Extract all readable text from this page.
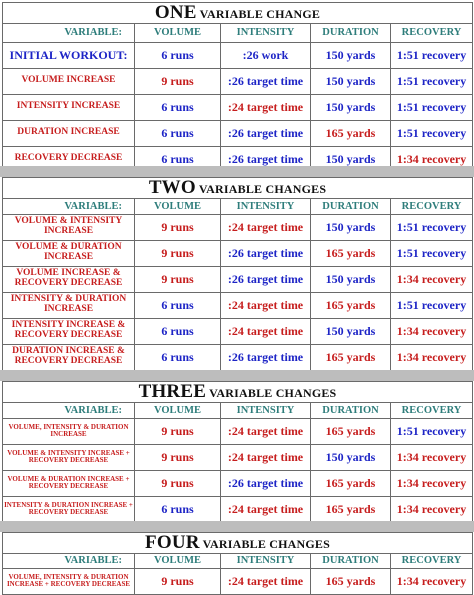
ONE VARIABLE CHANGE				
VARIABLE:	VOLUME	INTENSITY	DURATION	RECOVERY
INITIAL WORKOUT:	6 runs	:26 work	150 yards	1:51 recovery
VOLUME INCREASE	9 runs	:26 target time	150 yards	1:51 recovery
INTENSITY INCREASE	6 runs	:24 target time	150 yards	1:51 recovery
DURATION INCREASE	6 runs	:26 target time	165 yards	1:51 recovery
RECOVERY DECREASE	6 runs	:26 target time	150 yards	1:34 recovery
TWO VARIABLE CHANGES				
VARIABLE:	VOLUME	INTENSITY	DURATION	RECOVERY
VOLUME & INTENSITY INCREASE	9 runs	:24 target time	150 yards	1:51 recovery
VOLUME & DURATION INCREASE	9 runs	:26 target time	165 yards	1:51 recovery
VOLUME INCREASE & RECOVERY DECREASE	9 runs	:26 target time	150 yards	1:34 recovery
INTENSITY & DURATION INCREASE	6 runs	:24 target time	165 yards	1:51 recovery
INTENSITY INCREASE & RECOVERY DECREASE	6 runs	:24 target time	150 yards	1:34 recovery
DURATION INCREASE & RECOVERY DECREASE	6 runs	:26 target time	165 yards	1:34 recovery
THREE VARIABLE CHANGES				
VARIABLE:	VOLUME	INTENSITY	DURATION	RECOVERY
VOLUME, INTENSITY & DURATION INCREASE	9 runs	:24 target time	165 yards	1:51 recovery
VOLUME & INTENSITY INCREASE + RECOVERY DECREASE	9 runs	:24 target time	150 yards	1:34 recovery
VOLUME & DURATION INCREASE + RECOVERY DECREASE	9 runs	:26 target time	165 yards	1:34 recovery
INTENSITY & DURATION INCREASE + RECOVERY DECREASE	6 runs	:24 target time	165 yards	1:34 recovery
FOUR VARIABLE CHANGES				
VARIABLE:	VOLUME	INTENSITY	DURATION	RECOVERY
VOLUME, INTENSITY & DURATION INCREASE + RECOVERY DECREASE	9 runs	:24 target time	165 yards	1:34 recovery
